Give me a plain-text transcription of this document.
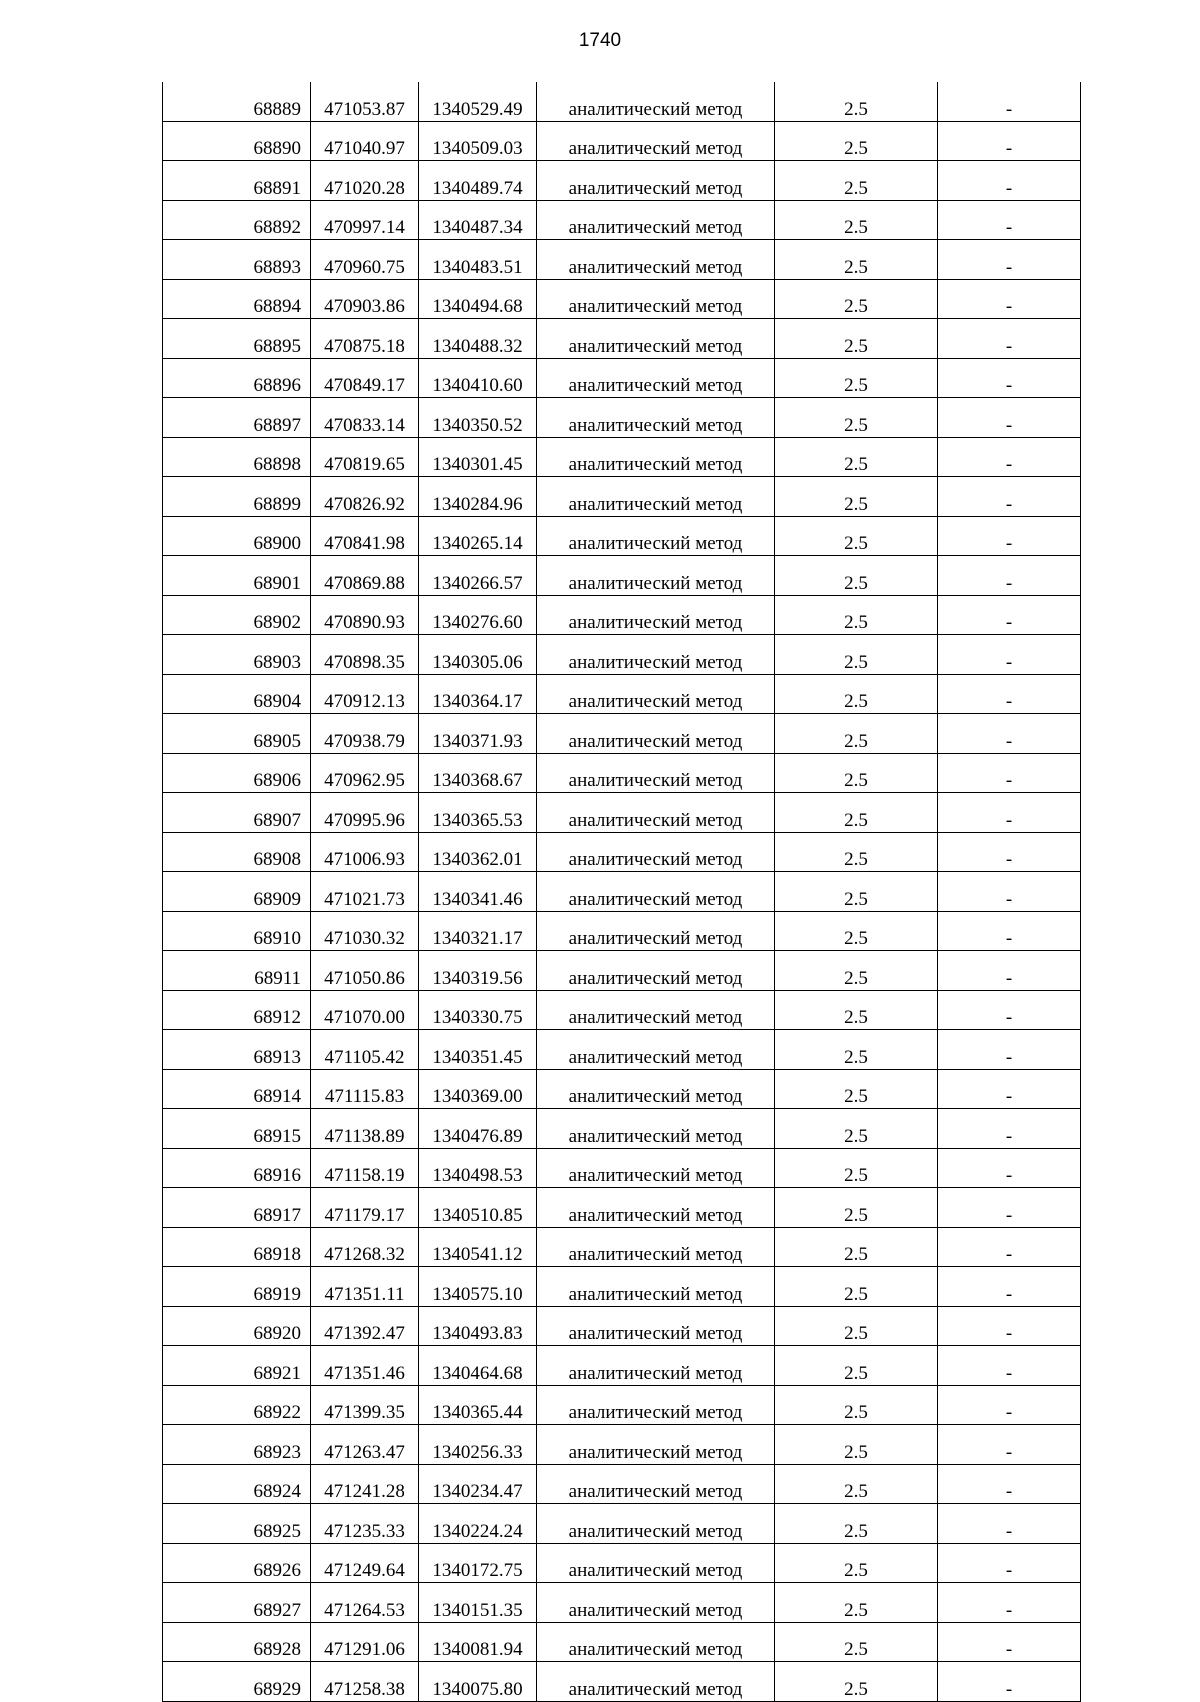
1740
68889	471053.87	1340529.49	аналитический метод	2.5	-
68890	471040.97	1340509.03	аналитический метод	2.5	-
68891	471020.28	1340489.74	аналитический метод	2.5	-
68892	470997.14	1340487.34	аналитический метод	2.5	-
68893	470960.75	1340483.51	аналитический метод	2.5	-
68894	470903.86	1340494.68	аналитический метод	2.5	-
68895	470875.18	1340488.32	аналитический метод	2.5	-
68896	470849.17	1340410.60	аналитический метод	2.5	-
68897	470833.14	1340350.52	аналитический метод	2.5	-
68898	470819.65	1340301.45	аналитический метод	2.5	-
68899	470826.92	1340284.96	аналитический метод	2.5	-
68900	470841.98	1340265.14	аналитический метод	2.5	-
68901	470869.88	1340266.57	аналитический метод	2.5	-
68902	470890.93	1340276.60	аналитический метод	2.5	-
68903	470898.35	1340305.06	аналитический метод	2.5	-
68904	470912.13	1340364.17	аналитический метод	2.5	-
68905	470938.79	1340371.93	аналитический метод	2.5	-
68906	470962.95	1340368.67	аналитический метод	2.5	-
68907	470995.96	1340365.53	аналитический метод	2.5	-
68908	471006.93	1340362.01	аналитический метод	2.5	-
68909	471021.73	1340341.46	аналитический метод	2.5	-
68910	471030.32	1340321.17	аналитический метод	2.5	-
68911	471050.86	1340319.56	аналитический метод	2.5	-
68912	471070.00	1340330.75	аналитический метод	2.5	-
68913	471105.42	1340351.45	аналитический метод	2.5	-
68914	471115.83	1340369.00	аналитический метод	2.5	-
68915	471138.89	1340476.89	аналитический метод	2.5	-
68916	471158.19	1340498.53	аналитический метод	2.5	-
68917	471179.17	1340510.85	аналитический метод	2.5	-
68918	471268.32	1340541.12	аналитический метод	2.5	-
68919	471351.11	1340575.10	аналитический метод	2.5	-
68920	471392.47	1340493.83	аналитический метод	2.5	-
68921	471351.46	1340464.68	аналитический метод	2.5	-
68922	471399.35	1340365.44	аналитический метод	2.5	-
68923	471263.47	1340256.33	аналитический метод	2.5	-
68924	471241.28	1340234.47	аналитический метод	2.5	-
68925	471235.33	1340224.24	аналитический метод	2.5	-
68926	471249.64	1340172.75	аналитический метод	2.5	-
68927	471264.53	1340151.35	аналитический метод	2.5	-
68928	471291.06	1340081.94	аналитический метод	2.5	-
68929	471258.38	1340075.80	аналитический метод	2.5	-
